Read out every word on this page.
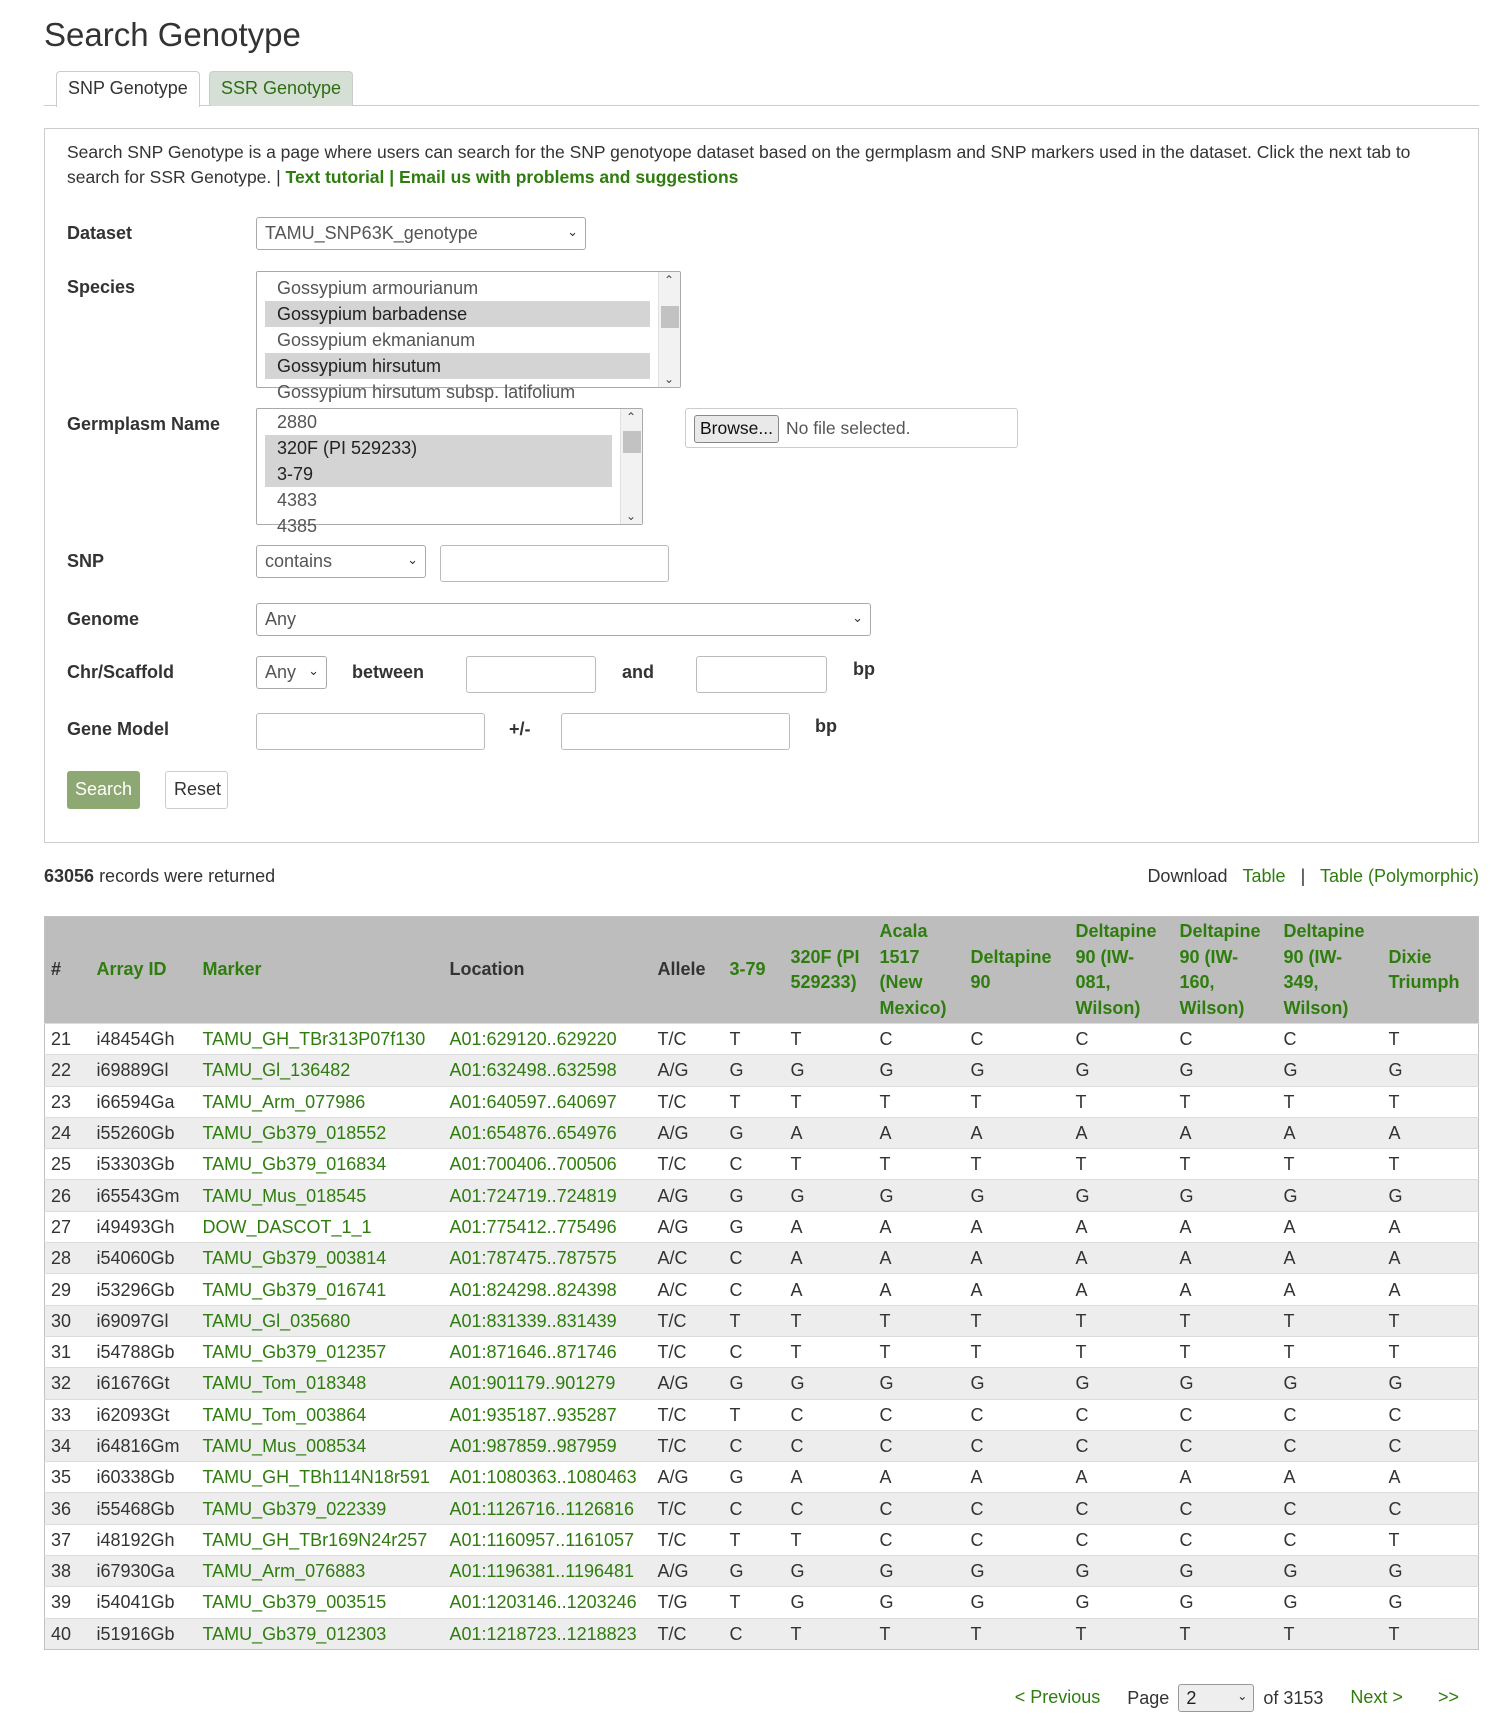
Search Genotype
SNP Genotype	SSR Genotype
Search SNP Genotype is a page where users can search for the SNP genotyope dataset based on the germplasm and SNP markers used in the dataset. Click the next tab to search for SSR Genotype. | Text tutorial | Email us with problems and suggestions
Dataset	TAMU_SNP63K_genotype	⌄
Species	Gossypium armourianum
Gossypium barbadense
Gossypium ekmanianum
Gossypium hirsutum
Gossypium hirsutum subsp. latifolium
⌃
⌄
Germplasm Name	2880
320F (PI 529233)
3-79
4383
4385
⌃
⌄
Browse... No file selected.
SNP	contains	⌄
Genome	Any	⌄
Chr/Scaffold	Any ⌄ between	and	bp
Gene Model	+/-	bp
Search	Reset
63056 records were returned	Download Table | Table (Polymorphic)
#	Array ID	Marker	Location	Allele	3-79	320F (PI 529233)	Acala 1517 (New Mexico)	Deltapine 90	Deltapine 90 (IW-081, Wilson)	Deltapine 90 (IW-160, Wilson)	Deltapine 90 (IW-349, Wilson)	Dixie Triumph
21	i48454Gh	TAMU_GH_TBr313P07f130	A01:629120..629220	T/C	T	T	C	C	C	C	C	T
22	i69889Gl	TAMU_Gl_136482	A01:632498..632598	A/G	G	G	G	G	G	G	G	G
23	i66594Ga	TAMU_Arm_077986	A01:640597..640697	T/C	T	T	T	T	T	T	T	T
24	i55260Gb	TAMU_Gb379_018552	A01:654876..654976	A/G	G	A	A	A	A	A	A	A
25	i53303Gb	TAMU_Gb379_016834	A01:700406..700506	T/C	C	T	T	T	T	T	T	T
26	i65543Gm	TAMU_Mus_018545	A01:724719..724819	A/G	G	G	G	G	G	G	G	G
27	i49493Gh	DOW_DASCOT_1_1	A01:775412..775496	A/G	G	A	A	A	A	A	A	A
28	i54060Gb	TAMU_Gb379_003814	A01:787475..787575	A/C	C	A	A	A	A	A	A	A
29	i53296Gb	TAMU_Gb379_016741	A01:824298..824398	A/C	C	A	A	A	A	A	A	A
30	i69097Gl	TAMU_Gl_035680	A01:831339..831439	T/C	T	T	T	T	T	T	T	T
31	i54788Gb	TAMU_Gb379_012357	A01:871646..871746	T/C	C	T	T	T	T	T	T	T
32	i61676Gt	TAMU_Tom_018348	A01:901179..901279	A/G	G	G	G	G	G	G	G	G
33	i62093Gt	TAMU_Tom_003864	A01:935187..935287	T/C	T	C	C	C	C	C	C	C
34	i64816Gm	TAMU_Mus_008534	A01:987859..987959	T/C	C	C	C	C	C	C	C	C
35	i60338Gb	TAMU_GH_TBh114N18r591	A01:1080363..1080463	A/G	G	A	A	A	A	A	A	A
36	i55468Gb	TAMU_Gb379_022339	A01:1126716..1126816	T/C	C	C	C	C	C	C	C	C
37	i48192Gh	TAMU_GH_TBr169N24r257	A01:1160957..1161057	T/C	T	T	C	C	C	C	C	T
38	i67930Ga	TAMU_Arm_076883	A01:1196381..1196481	A/G	G	G	G	G	G	G	G	G
39	i54041Gb	TAMU_Gb379_003515	A01:1203146..1203246	T/G	T	G	G	G	G	G	G	G
40	i51916Gb	TAMU_Gb379_012303	A01:1218723..1218823	T/C	C	T	T	T	T	T	T	T
< Previous Page 2	⌄ of 3153 Next > >>
